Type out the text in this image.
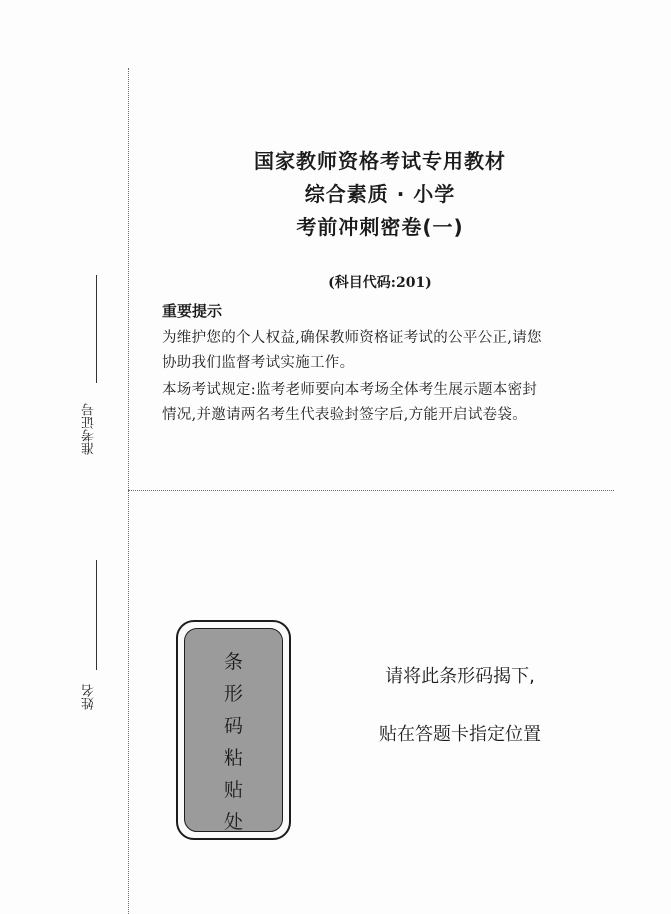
准考证号
姓名
国家教师资格考试专用教材
综合素质 · 小学
考前冲刺密卷(一)
(科目代码:201)
重要提示
为维护您的个人权益,确保教师资格证考试的公平公正,请您
协助我们监督考试实施工作。
本场考试规定:监考老师要向本考场全体考生展示题本密封
情况,并邀请两名考生代表验封签字后,方能开启试卷袋。
条
形
码
粘
贴
处
请将此条形码揭下,
贴在答题卡指定位置
